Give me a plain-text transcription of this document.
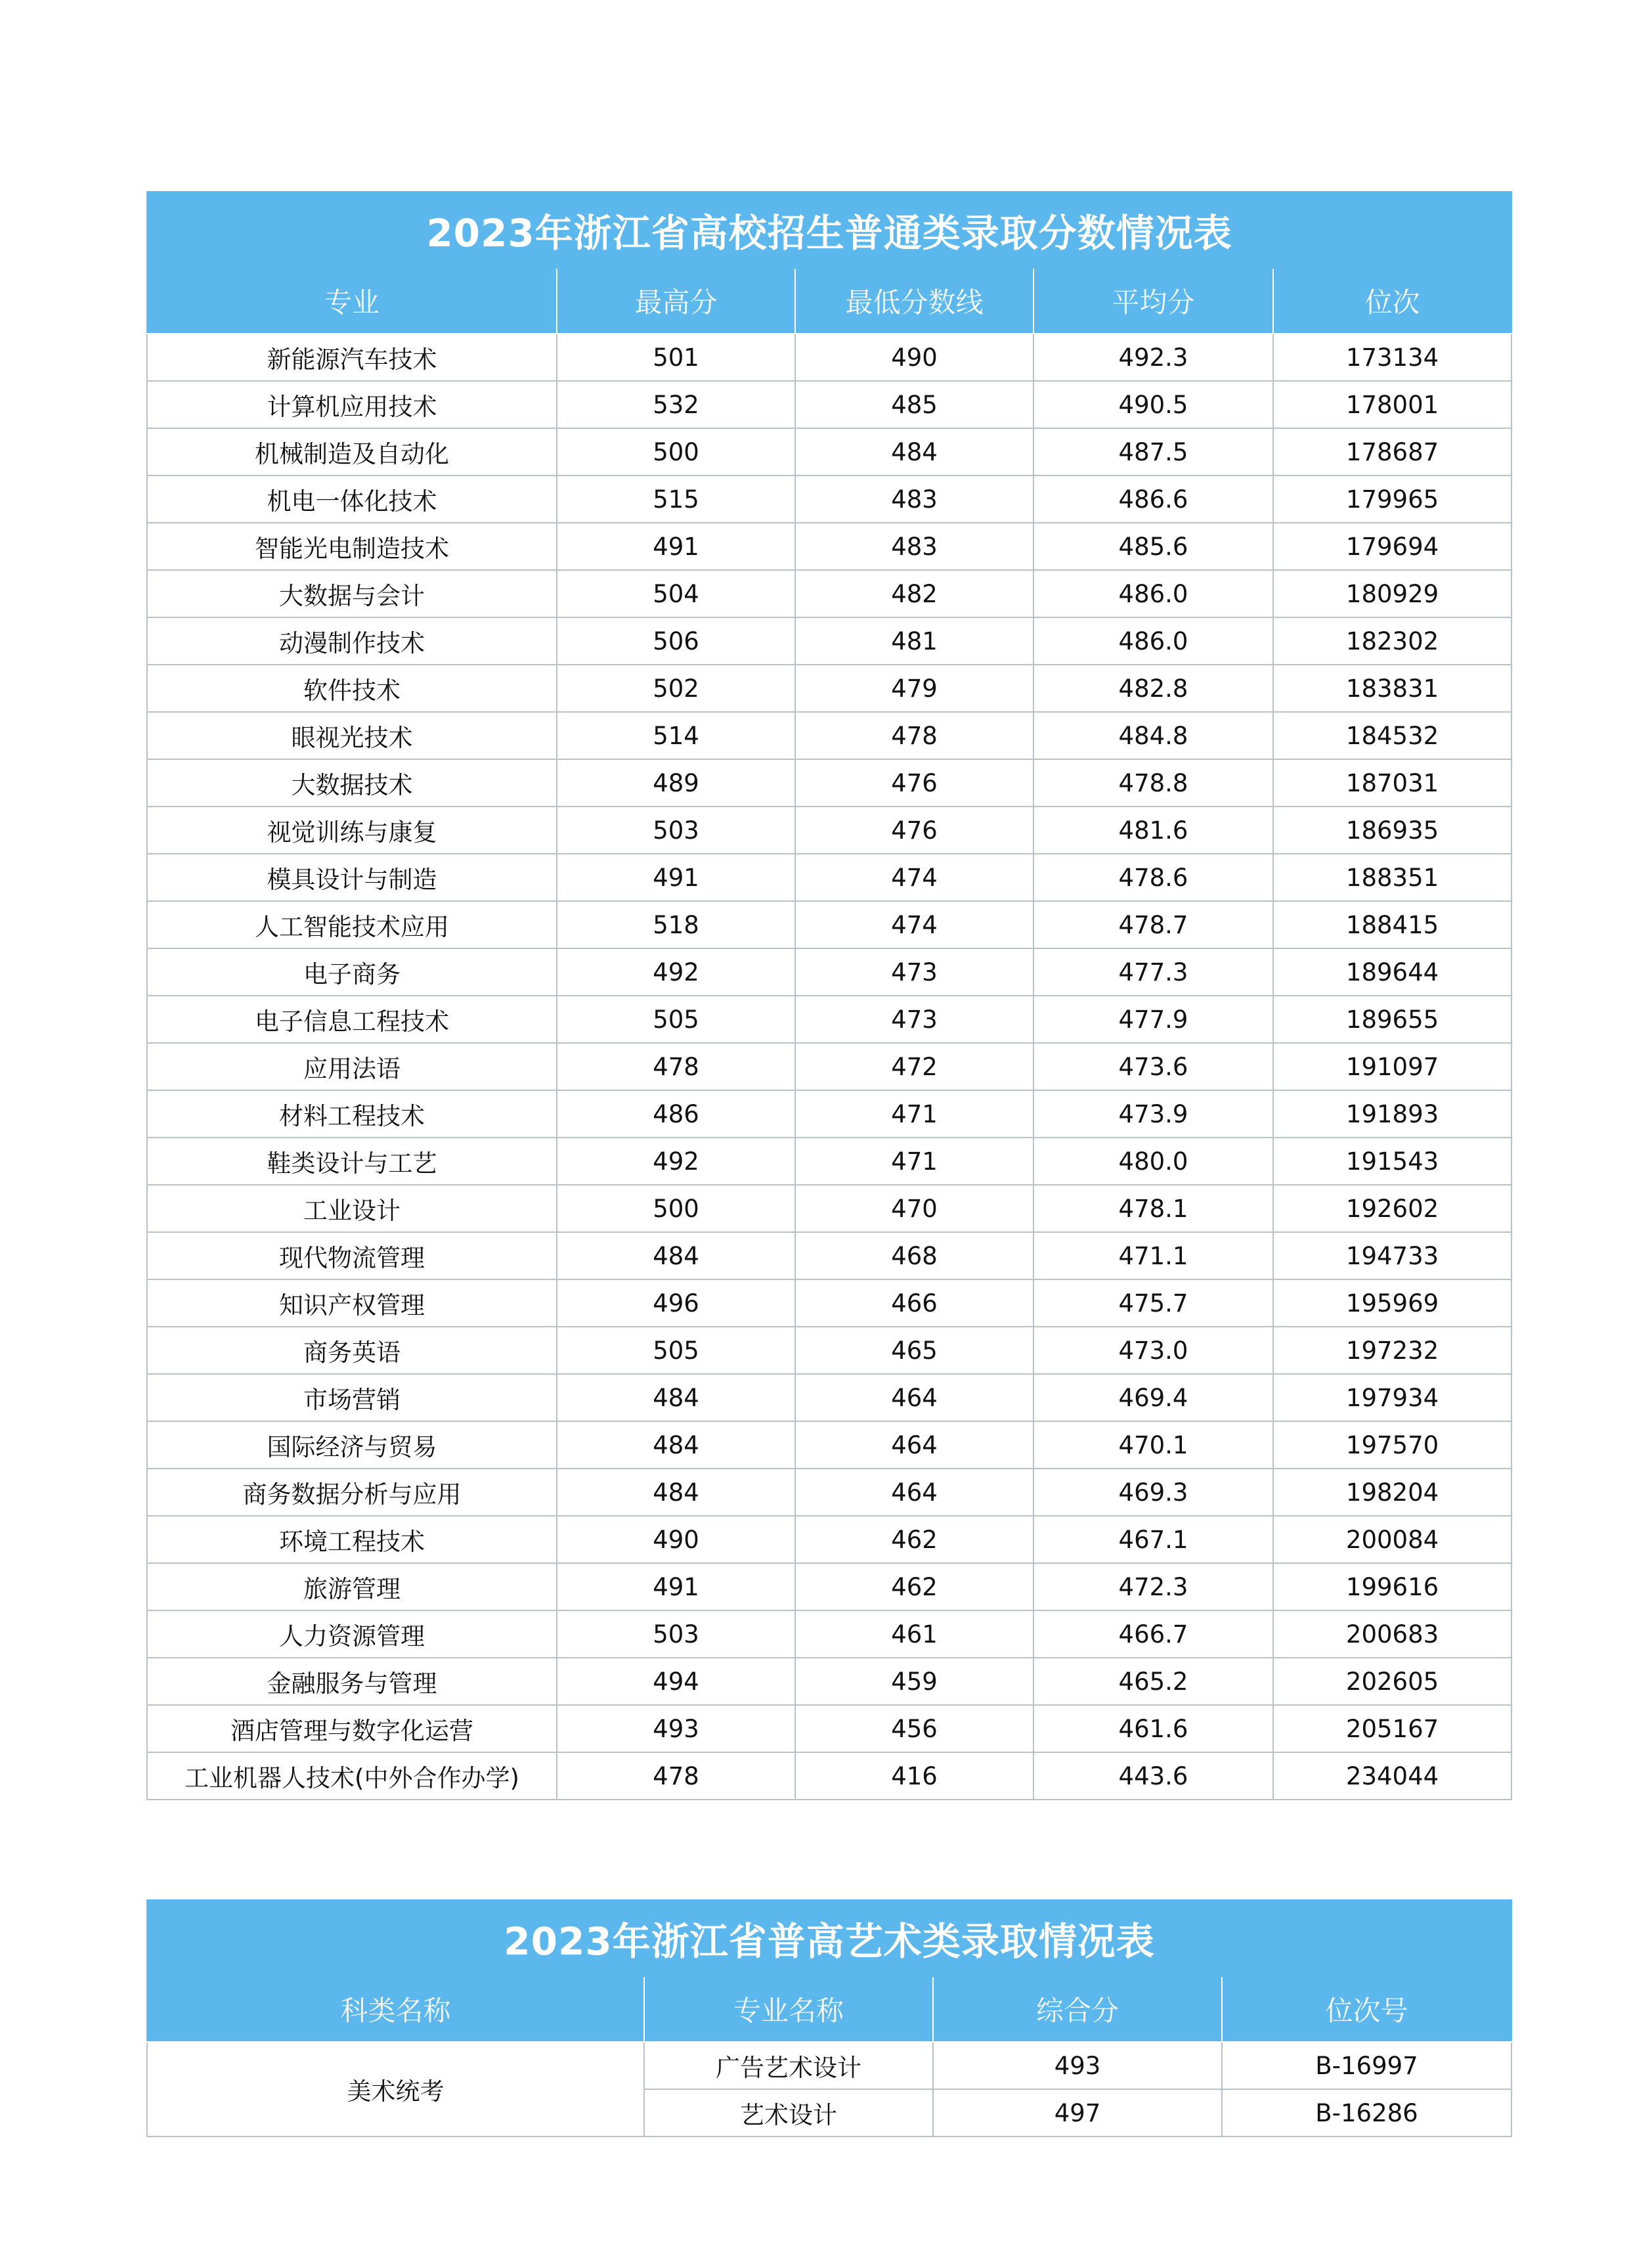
2023年浙江省高校招生普通类录取分数情况表				
专业	最高分	最低分数线	平均分	位次
新能源汽车技术	501	490	492.3	173134
计算机应用技术	532	485	490.5	178001
机械制造及自动化	500	484	487.5	178687
机电一体化技术	515	483	486.6	179965
智能光电制造技术	491	483	485.6	179694
大数据与会计	504	482	486.0	180929
动漫制作技术	506	481	486.0	182302
软件技术	502	479	482.8	183831
眼视光技术	514	478	484.8	184532
大数据技术	489	476	478.8	187031
视觉训练与康复	503	476	481.6	186935
模具设计与制造	491	474	478.6	188351
人工智能技术应用	518	474	478.7	188415
电子商务	492	473	477.3	189644
电子信息工程技术	505	473	477.9	189655
应用法语	478	472	473.6	191097
材料工程技术	486	471	473.9	191893
鞋类设计与工艺	492	471	480.0	191543
工业设计	500	470	478.1	192602
现代物流管理	484	468	471.1	194733
知识产权管理	496	466	475.7	195969
商务英语	505	465	473.0	197232
市场营销	484	464	469.4	197934
国际经济与贸易	484	464	470.1	197570
商务数据分析与应用	484	464	469.3	198204
环境工程技术	490	462	467.1	200084
旅游管理	491	462	472.3	199616
人力资源管理	503	461	466.7	200683
金融服务与管理	494	459	465.2	202605
酒店管理与数字化运营	493	456	461.6	205167
工业机器人技术(中外合作办学)	478	416	443.6	234044
2023年浙江省普高艺术类录取情况表			
科类名称	专业名称	综合分	位次号
美术统考	广告艺术设计	493	B-16997
	艺术设计	497	B-16286
